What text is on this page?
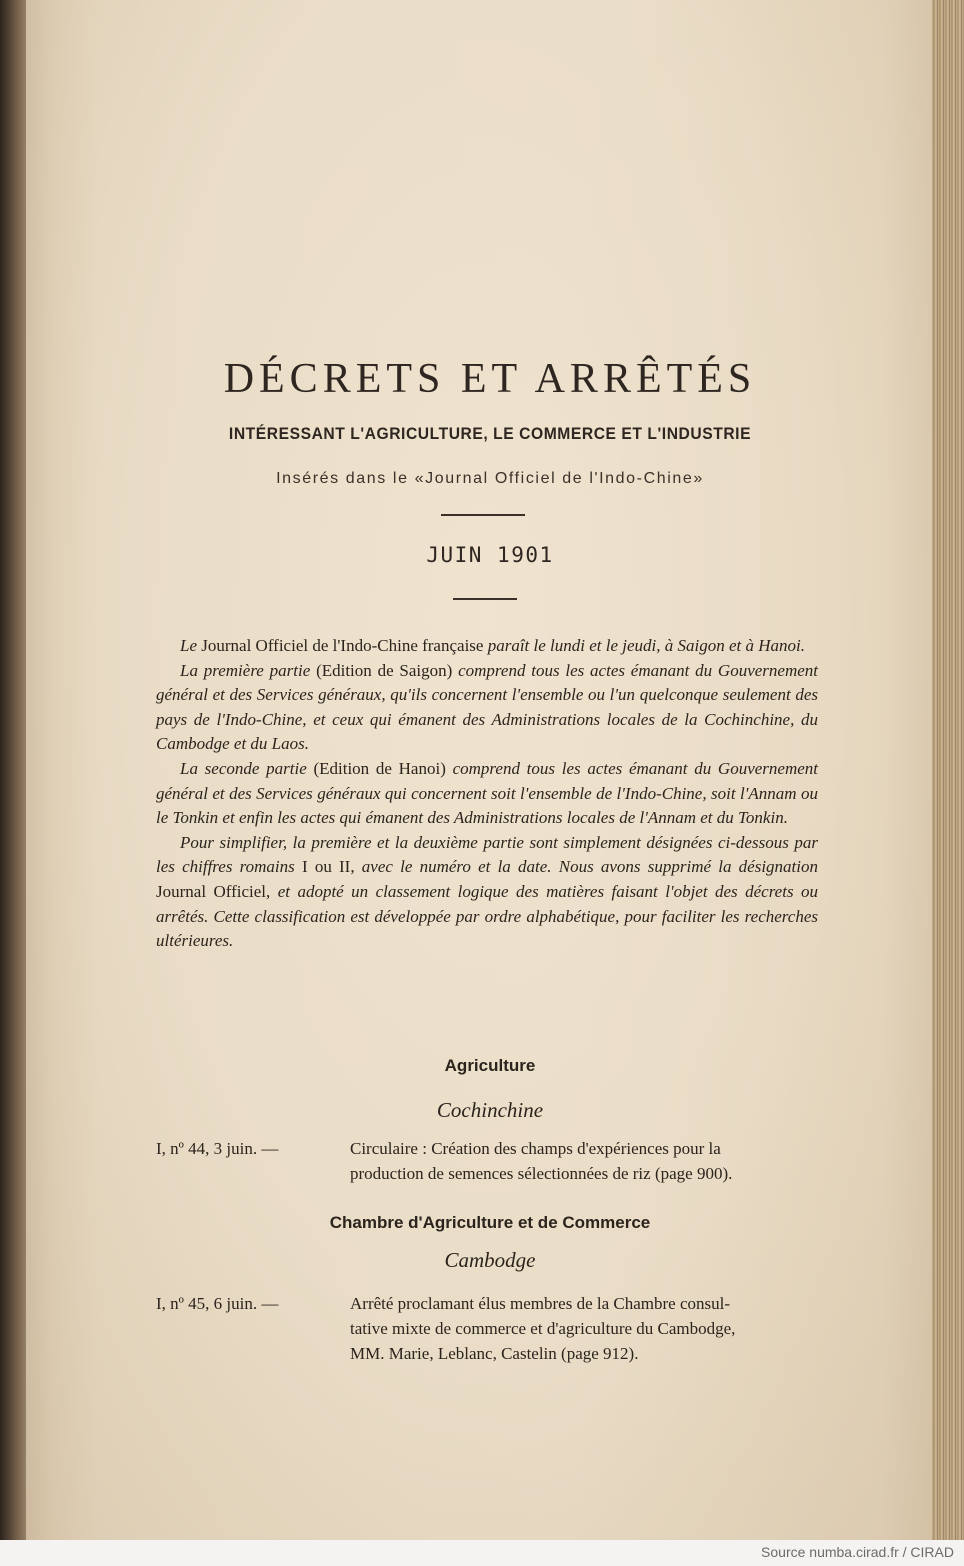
DÉCRETS ET ARRÊTÉS
INTÉRESSANT L'AGRICULTURE, LE COMMERCE ET L'INDUSTRIE
Insérés dans le «Journal Officiel de l'Indo-Chine»
JUIN 1901

Le Journal Officiel de l'Indo-Chine française paraît le lundi et le jeudi, à Saigon et à Hanoi.

La première partie (Edition de Saigon) comprend tous les actes émanant du Gouvernement général et des Services généraux, qu'ils concernent l'ensemble ou l'un quelconque seulement des pays de l'Indo-Chine, et ceux qui émanent des Administrations locales de la Cochinchine, du Cambodge et du Laos.

La seconde partie (Edition de Hanoi) comprend tous les actes émanant du Gouvernement général et des Services généraux qui concernent soit l'ensemble de l'Indo-Chine, soit l'Annam ou le Tonkin et enfin les actes qui émanent des Administrations locales de l'Annam et du Tonkin.

Pour simplifier, la première et la deuxième partie sont simplement désignées ci-dessous par les chiffres romains I ou II, avec le numéro et la date. Nous avons supprimé la désignation Journal Officiel, et adopté un classement logique des matières faisant l'objet des décrets ou arrêtés. Cette classification est développée par ordre alphabétique, pour faciliter les recherches ultérieures.

Agriculture
Cochinchine
I, nº 44, 3 juin. —	Circulaire : Création des champs d'expériences pour la
production de semences sélectionnées de riz (page 900).
Chambre d'Agriculture et de Commerce
Cambodge
I, nº 45, 6 juin. —	Arrêté proclamant élus membres de la Chambre consul-
tative mixte de commerce et d'agriculture du Cambodge,
MM. Marie, Leblanc, Castelin (page 912).
Source numba.cirad.fr / CIRAD
